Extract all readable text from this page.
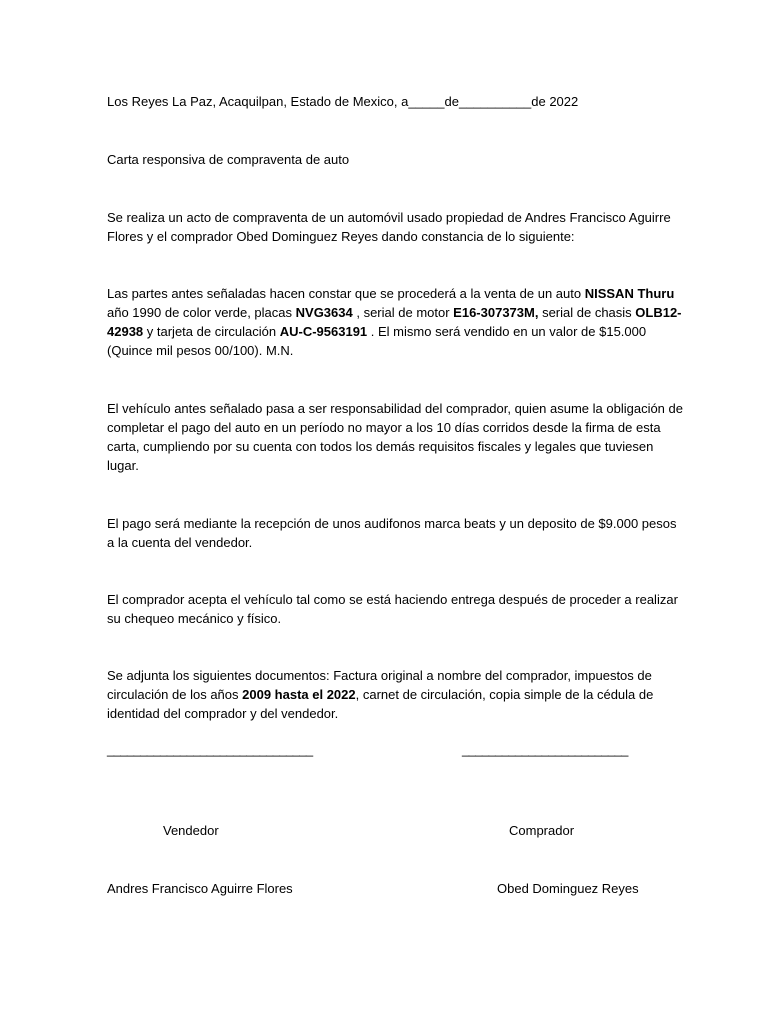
Los Reyes La Paz, Acaquilpan, Estado de Mexico, a_____de__________de 2022
Carta responsiva de compraventa de auto
Se realiza un acto de compraventa de un automóvil usado propiedad de Andres Francisco Aguirre
Flores y el comprador Obed Dominguez Reyes dando constancia de lo siguiente:
Las partes antes señaladas hacen constar que se procederá a la venta de un auto NISSAN Thuru
año 1990 de color verde, placas NVG3634 , serial de motor E16-307373M, serial de chasis OLB12-
42938 y tarjeta de circulación AU-C-9563191 . El mismo será vendido en un valor de $15.000
(Quince mil pesos 00/100). M.N.
El vehículo antes señalado pasa a ser responsabilidad del comprador, quien asume la obligación de
completar el pago del auto en un período no mayor a los 10 días corridos desde la firma de esta
carta, cumpliendo por su cuenta con todos los demás requisitos fiscales y legales que tuviesen
lugar.
El pago será mediante la recepción de unos audifonos marca beats y un deposito de $9.000 pesos
a la cuenta del vendedor.
El comprador acepta el vehículo tal como se está haciendo entrega después de proceder a realizar
su chequeo mecánico y físico.
Se adjunta los siguientes documentos: Factura original a nombre del comprador, impuestos de
circulación de los años 2009 hasta el 2022, carnet de circulación, copia simple de la cédula de
identidad del comprador y del vendedor.
_______________________________	_________________________
Vendedor	Comprador
Andres Francisco Aguirre Flores	Obed Dominguez Reyes
